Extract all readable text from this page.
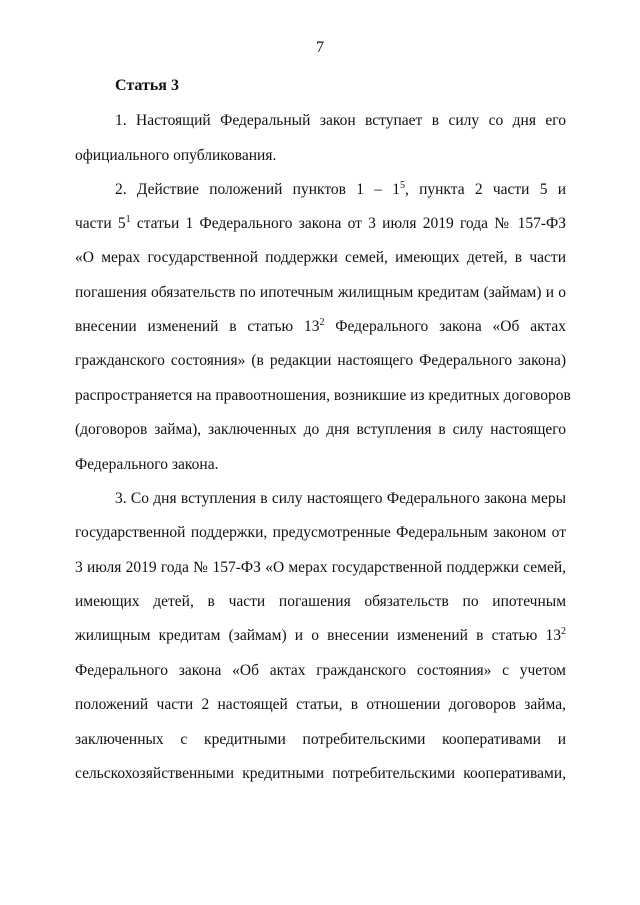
7
Статья 3
1. Настоящий Федеральный закон вступает в силу со дня его
официального опубликования.
2. Действие положений пунктов $1 - 1^5$, пункта 2 части 5 и
части $5^1$ статьи 1 Федерального закона от 3 июля 2019 года № 157-ФЗ
«О мерах государственной поддержки семей, имеющих детей, в части
погашения обязательств по ипотечным жилищным кредитам (займам) и о
внесении изменений в статью $13^2$ Федерального закона «Об актах
гражданского состояния» (в редакции настоящего Федерального закона)
распространяется на правоотношения, возникшие из кредитных договоров
(договоров займа), заключенных до дня вступления в силу настоящего
Федерального закона.
3. Со дня вступления в силу настоящего Федерального закона меры
государственной поддержки, предусмотренные Федеральным законом от
3 июля 2019 года № 157-ФЗ «О мерах государственной поддержки семей,
имеющих детей, в части погашения обязательств по ипотечным
жилищным кредитам (займам) и о внесении изменений в статью $13^2$
Федерального закона «Об актах гражданского состояния» с учетом
положений части 2 настоящей статьи, в отношении договоров займа,
заключенных с кредитными потребительскими кооперативами и
сельскохозяйственными кредитными потребительскими кооперативами,
